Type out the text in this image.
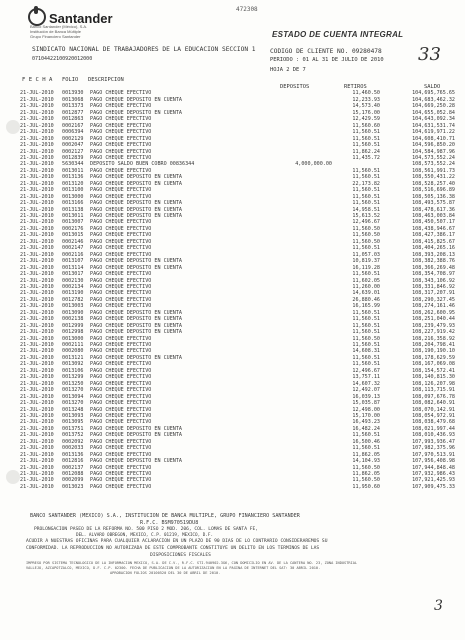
Santander
Banco Santander (México), S.A.
Institución de Banca Múltiple
Grupo Financiero Santander
472308
ESTADO DE CUENTA INTEGRAL
33
SINDICATO NACIONAL DE TRABAJADORES DE LA EDUCACION SECCION 1
07104422100920012000
CODIGO DE CLIENTE NO. 09280478
PERIODO : 01 AL 31 DE JULIO DE 2010
HOJA 2 DE 7
F E C H A FOLIO DESCRIPCION
DEPOSITOS	RETIROS	SALDO
21-JUL-2010	0013930	PAGO CHEQUE EFECTIVO	11,460.50	104,695,765.65
21-JUL-2010	0013068	PAGO CHEQUE DEPOSITO EN CUENTA	12,233.93	104,683,462.32
21-JUL-2010	0013373	PAGO CHEQUE EFECTIVO	14,573.40	104,669,250.28
21-JUL-2010	0012877	PAGO CHEQUE DEPOSITO EN CUENTA	15,176.00	104,655,052.84
21-JUL-2010	0012863	PAGO CHEQUE EFECTIVO	12,429.59	104,643,092.34
21-JUL-2010	0002167	PAGO CHEQUE EFECTIVO	11,560.60	104,631,531.74
21-JUL-2010	0006394	PAGO CHEQUE EFECTIVO	11,560.51	104,619,971.22
21-JUL-2010	0002129	PAGO CHEQUE EFECTIVO	11,560.51	104,608,410.71
21-JUL-2010	0002047	PAGO CHEQUE EFECTIVO	11,560.51	104,596,850.20
21-JUL-2010	0002127	PAGO CHEQUE EFECTIVO	11,862.24	104,584,987.96
21-JUL-2010	0012839	PAGO CHEQUE EFECTIVO	11,435.72	104,573,552.24
21-JUL-2010	5630344	DEPOSITO SALDO BUEN COBRO 00836344	4,000,000.00	108,573,552.24
21-JUL-2010	0013011	PAGO CHEQUE EFECTIVO	11,560.51	108,561,991.73
21-JUL-2010	0013136	PAGO CHEQUE DEPOSITO EN CUENTA	11,560.51	108,550,431.22
21-JUL-2010	0013120	PAGO CHEQUE DEPOSITO EN CUENTA	22,173.82	108,528,257.40
21-JUL-2010	0013100	PAGO CHEQUE EFECTIVO	11,560.51	108,516,696.89
21-JUL-2010	0013000	PAGO CHEQUE EFECTIVO	11,560.51	108,505,136.38
21-JUL-2010	0013166	PAGO CHEQUE DEPOSITO EN CUENTA	11,560.51	108,493,575.87
21-JUL-2010	0013138	PAGO CHEQUE DEPOSITO EN CUENTA	14,958.51	108,478,617.36
21-JUL-2010	0013011	PAGO CHEQUE DEPOSITO EN CUENTA	15,613.52	108,463,003.84
21-JUL-2010	0013007	PAGO CHEQUE EFECTIVO	12,496.67	108,450,507.17
21-JUL-2010	0002176	PAGO CHEQUE EFECTIVO	11,560.50	108,438,946.67
21-JUL-2010	0013015	PAGO CHEQUE EFECTIVO	11,560.50	108,427,386.17
21-JUL-2010	0002146	PAGO CHEQUE EFECTIVO	11,560.50	108,415,825.67
21-JUL-2010	0002147	PAGO CHEQUE EFECTIVO	11,560.51	108,404,265.16
21-JUL-2010	0002116	PAGO CHEQUE EFECTIVO	11,057.03	108,393,208.13
21-JUL-2010	0013107	PAGO CHEQUE DEPOSITO EN CUENTA	10,819.37	108,382,388.76
21-JUL-2010	0013114	PAGO CHEQUE DEPOSITO EN CUENTA	16,119.28	108,366,269.48
21-JUL-2010	0013017	PAGO CHEQUE EFECTIVO	11,560.51	108,354,708.97
21-JUL-2010	0002130	PAGO CHEQUE EFECTIVO	11,602.05	108,343,106.92
21-JUL-2010	0002134	PAGO CHEQUE EFECTIVO	11,260.00	108,331,846.92
21-JUL-2010	0013190	PAGO CHEQUE EFECTIVO	14,639.01	108,317,207.91
21-JUL-2010	0012782	PAGO CHEQUE EFECTIVO	26,880.46	108,290,327.45
21-JUL-2010	0013003	PAGO CHEQUE EFECTIVO	16,165.99	108,274,161.46
21-JUL-2010	0013090	PAGO CHEQUE DEPOSITO EN CUENTA	11,560.51	108,262,600.95
21-JUL-2010	0002138	PAGO CHEQUE DEPOSITO EN CUENTA	11,560.51	108,251,040.44
21-JUL-2010	0012999	PAGO CHEQUE DEPOSITO EN CUENTA	11,560.51	108,239,479.93
21-JUL-2010	0012998	PAGO CHEQUE DEPOSITO EN CUENTA	11,560.51	108,227,919.42
21-JUL-2010	0013000	PAGO CHEQUE EFECTIVO	11,560.50	108,216,358.92
21-JUL-2010	0002111	PAGO CHEQUE EFECTIVO	11,560.51	108,204,798.41
21-JUL-2010	0002080	PAGO CHEQUE EFECTIVO	14,608.31	108,190,190.10
21-JUL-2010	0013121	PAGO CHEQUE DEPOSITO EN CUENTA	11,560.51	108,178,629.59
21-JUL-2010	0013092	PAGO CHEQUE EFECTIVO	11,560.51	108,167,069.08
21-JUL-2010	0013106	PAGO CHEQUE EFECTIVO	12,496.67	108,154,572.41
21-JUL-2010	0013299	PAGO CHEQUE EFECTIVO	13,757.11	108,140,815.30
21-JUL-2010	0013250	PAGO CHEQUE EFECTIVO	14,607.32	108,126,207.98
21-JUL-2010	0013270	PAGO CHEQUE EFECTIVO	12,492.07	108,113,715.91
21-JUL-2010	0013094	PAGO CHEQUE EFECTIVO	16,039.13	108,097,676.78
21-JUL-2010	0013270	PAGO CHEQUE EFECTIVO	15,035.87	108,082,640.91
21-JUL-2010	0013248	PAGO CHEQUE EFECTIVO	12,498.00	108,070,142.91
21-JUL-2010	0013093	PAGO CHEQUE EFECTIVO	15,170.00	108,054,972.91
21-JUL-2010	0013095	PAGO CHEQUE EFECTIVO	16,493.23	108,038,479.68
21-JUL-2010	0013751	PAGO CHEQUE DEPOSITO EN CUENTA	16,482.24	108,021,997.44
21-JUL-2010	0013752	PAGO CHEQUE DEPOSITO EN CUENTA	11,560.51	108,010,436.93
21-JUL-2010	0002092	PAGO CHEQUE EFECTIVO	16,500.46	107,993,936.47
21-JUL-2010	0002033	PAGO CHEQUE EFECTIVO	11,560.51	107,982,375.96
21-JUL-2010	0013136	PAGO CHEQUE EFECTIVO	11,862.05	107,970,513.91
21-JUL-2010	0012816	PAGO CHEQUE DEPOSITO EN CUENTA	14,104.93	107,956,408.98
21-JUL-2010	0002137	PAGO CHEQUE EFECTIVO	11,560.50	107,944,848.48
21-JUL-2010	0012088	PAGO CHEQUE EFECTIVO	11,862.05	107,932,986.43
21-JUL-2010	0002099	PAGO CHEQUE EFECTIVO	11,560.50	107,921,425.93
21-JUL-2010	0013023	PAGO CHEQUE EFECTIVO	11,950.60	107,909,475.33
BANCO SANTANDER (MEXICO) S.A., INSTITUCION DE BANCA MULTIPLE, GRUPO FINANCIERO SANTANDER
R.F.C. BSM970519DU8
PROLONGACION PASEO DE LA REFORMA NO. 500 PISO 2 MOD. 206, COL. LOMAS DE SANTA FE,
DEL. ALVARO OBREGON, MEXICO, C.P. 01219, MEXICO, D.F.
ACUDIR A NUESTRAS OFICINAS PARA CUALQUIER ACLARACION EN UN PLAZO DE 90 DIAS DE LO CONTRARIO CONSIDERAREMOS SU
CONFORMIDAD. LA REPRODUCCION NO AUTORIZADA DE ESTE COMPROBANTE CONSTITUYE UN DELITO EN LOS TERMINOS DE LAS
DISPOSICIONES FISCALES
IMPRESO POR SISTEMA TECNOLOGICO DE LA INFORMACION MEXICO, S.A. DE C.V., R.F.C. STI-940902-3G6, CON DOMICILIO EN AV. DE LA CANTERA NO. 23, ZONA INDUSTRIAL
VALLEJO, AZCAPOTZALCO, MEXICO, D.F. C.P. 02300. FECHA DE PUBLICACION DE LA AUTORIZACION EN LA PAGINA DE INTERNET DEL SAT: 30 ABRIL 2010.
APROBACION FOLIOS 20100520 DEL 30 DE ABRIL DE 2010.
3
